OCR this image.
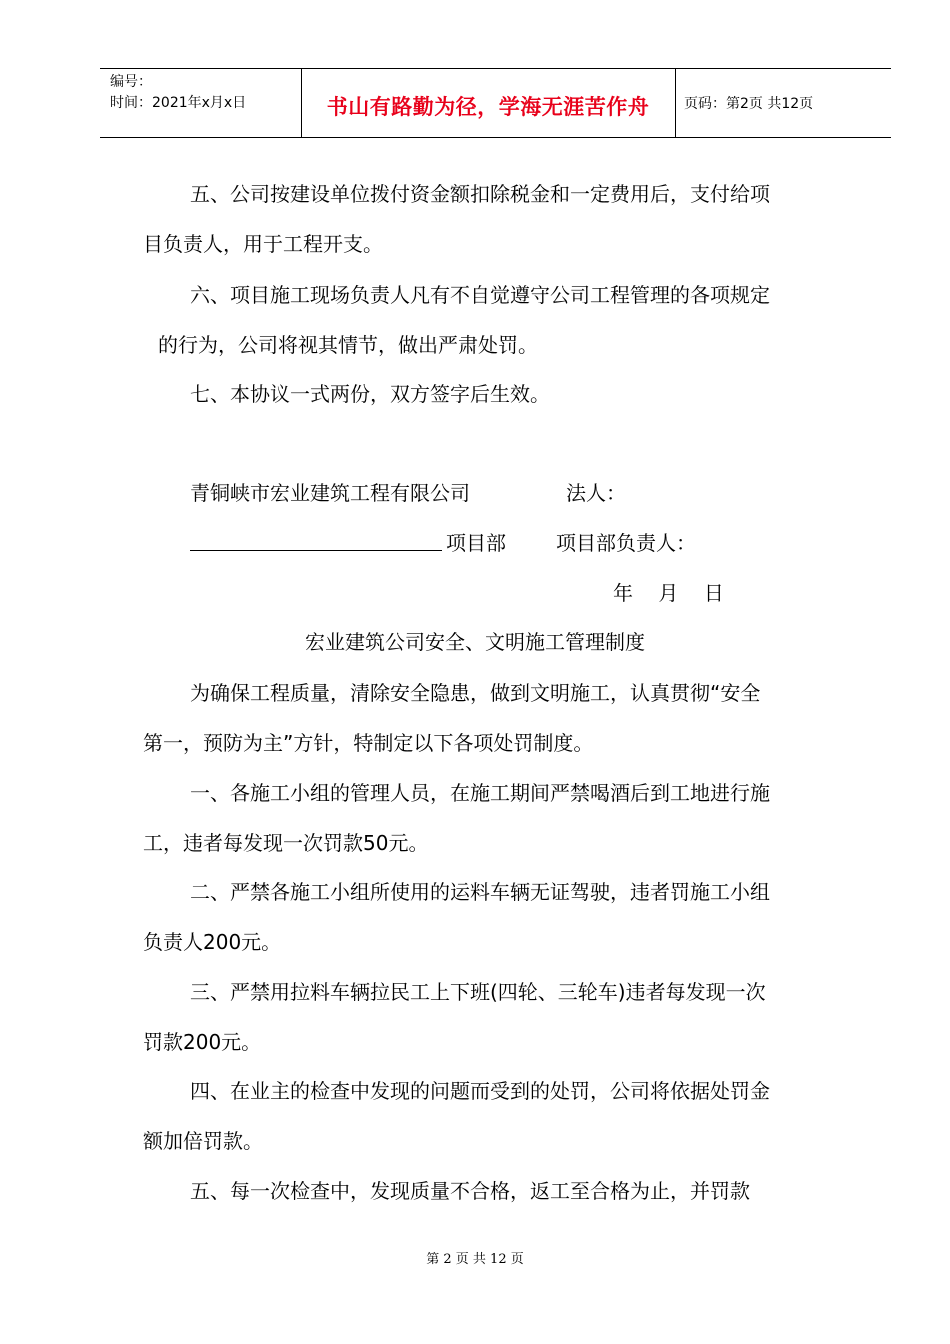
编号：
时间：2021年x月x日	书山有路勤为径，学海无涯苦作舟	页码：第2页 共12页
五、公司按建设单位拨付资金额扣除税金和一定费用后，支付给项
目负责人，用于工程开支。
六、项目施工现场负责人凡有不自觉遵守公司工程管理的各项规定
的行为，公司将视其情节，做出严肃处罚。
七、本协议一式两份，双方签字后生效。
青铜峡市宏业建筑工程有限公司	法人：
项目部	项目部负责人：
年    月    日
宏业建筑公司安全、文明施工管理制度
为确保工程质量，清除安全隐患，做到文明施工，认真贯彻“安全
第一，预防为主”方针，特制定以下各项处罚制度。
一、各施工小组的管理人员，在施工期间严禁喝酒后到工地进行施
工，违者每发现一次罚款50元。
二、严禁各施工小组所使用的运料车辆无证驾驶，违者罚施工小组
负责人200元。
三、严禁用拉料车辆拉民工上下班(四轮、三轮车)违者每发现一次
罚款200元。
四、在业主的检查中发现的问题而受到的处罚，公司将依据处罚金
额加倍罚款。
五、每一次检查中，发现质量不合格，返工至合格为止，并罚款
第 2 页 共 12 页
